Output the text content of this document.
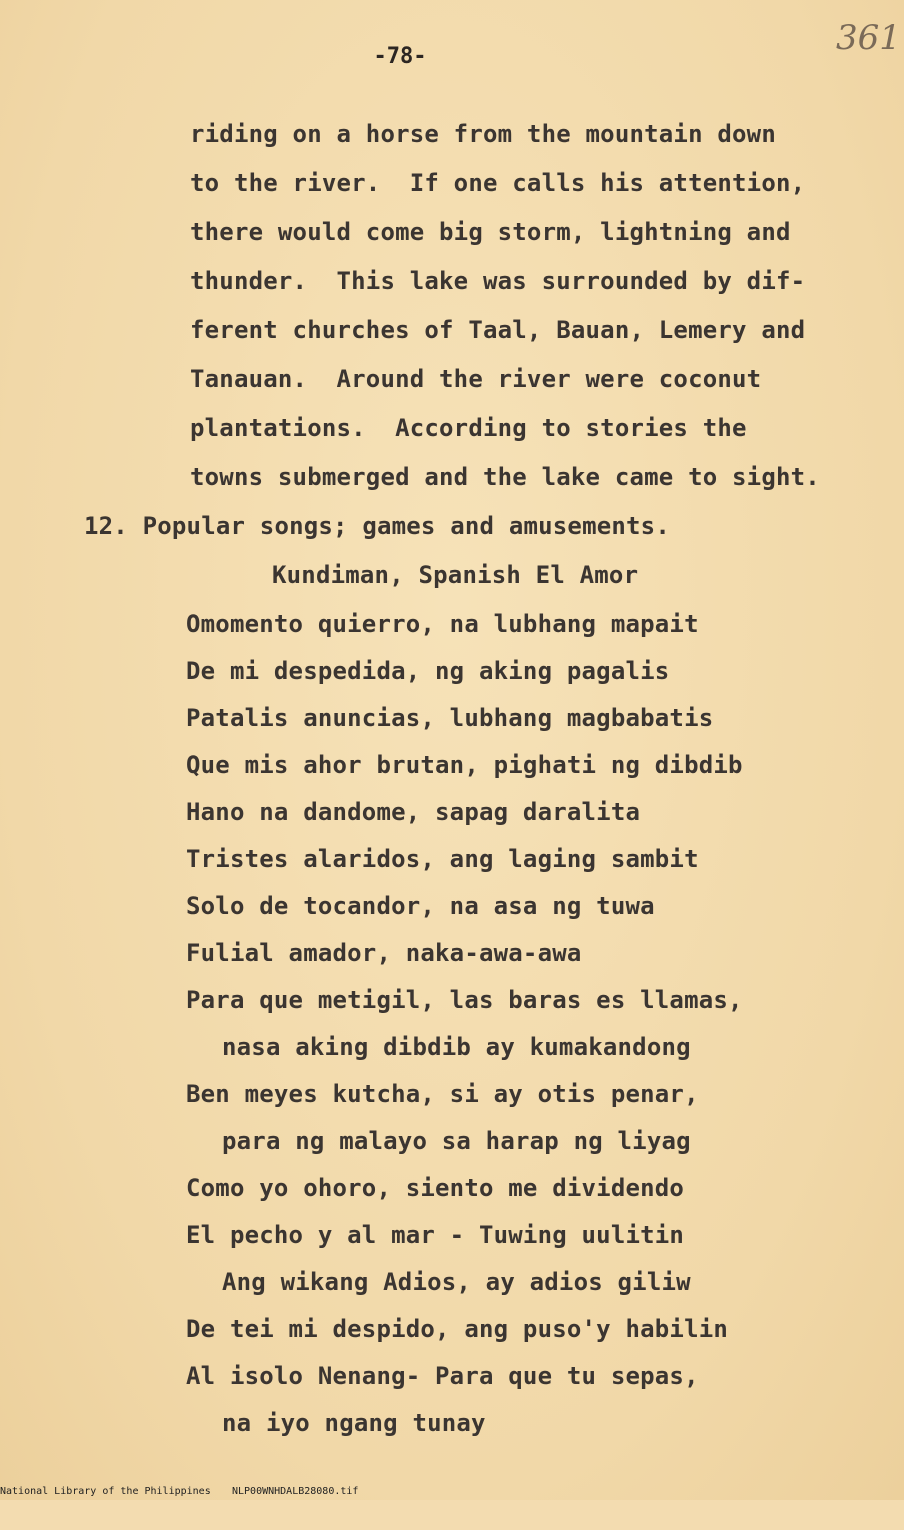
-78-	361
riding on a horse from the mountain down
to the river.  If one calls his attention,
there would come big storm, lightning and
thunder.  This lake was surrounded by dif-
ferent churches of Taal, Bauan, Lemery and
Tanauan.  Around the river were coconut
plantations.  According to stories the
towns submerged and the lake came to sight.
12. Popular songs; games and amusements.
Kundiman, Spanish El Amor
Omomento quierro, na lubhang mapait
De mi despedida, ng aking pagalis
Patalis anuncias, lubhang magbabatis
Que mis ahor brutan, pighati ng dibdib
Hano na dandome, sapag daralita
Tristes alaridos, ang laging sambit
Solo de tocandor, na asa ng tuwa
Fulial amador, naka-awa-awa
Para que metigil, las baras es llamas,
nasa aking dibdib ay kumakandong
Ben meyes kutcha, si ay otis penar,
para ng malayo sa harap ng liyag
Como yo ohoro, siento me dividendo
El pecho y al mar - Tuwing uulitin
Ang wikang Adios, ay adios giliw
De tei mi despido, ang puso'y habilin
Al isolo Nenang- Para que tu sepas,
na iyo ngang tunay

National Library of the Philippines

NLP00WNHDALB28080.tif
